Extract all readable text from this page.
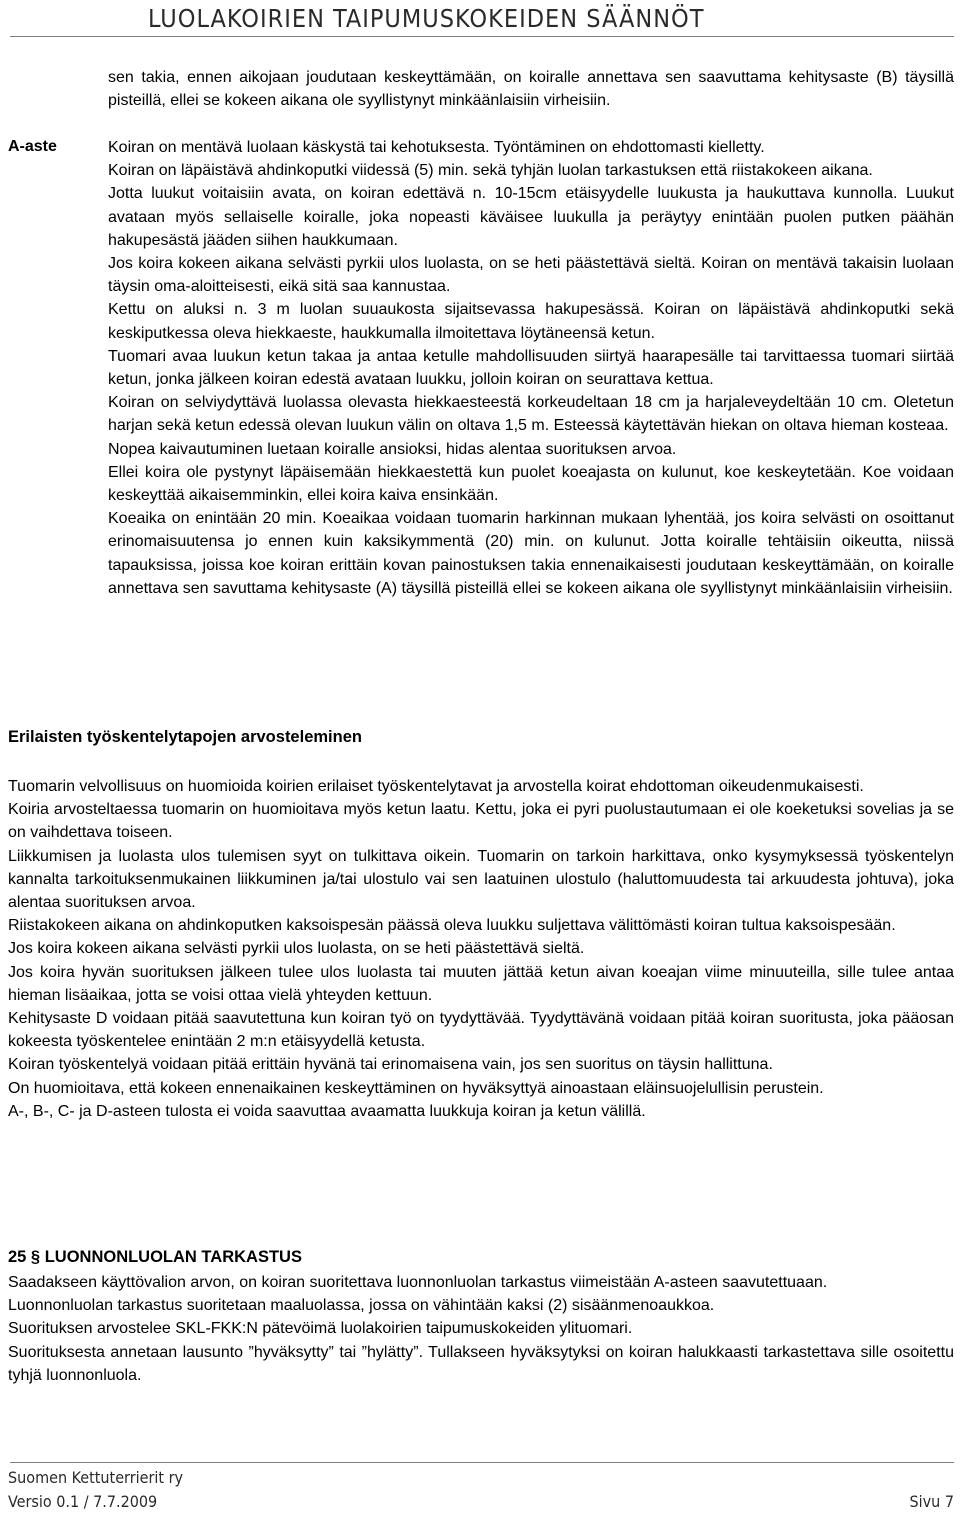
LUOLAKOIRIEN TAIPUMUSKOKEIDEN SÄÄNNÖT
sen takia, ennen aikojaan joudutaan keskeyttämään, on koiralle annettava sen saavuttama kehitysaste (B) täysillä pisteillä, ellei se kokeen aikana ole syyllistynyt minkäänlaisiin virheisiin.
A-aste	Koiran on mentävä luolaan käskystä tai kehotuksesta. Työntäminen on ehdottomasti kielletty.

Koiran on läpäistävä ahdinkoputki viidessä (5) min. sekä tyhjän luolan tarkastuksen että riistakokeen aikana.

Jotta luukut voitaisiin avata, on koiran edettävä n. 10-15cm etäisyydelle luukusta ja haukuttava kunnolla. Luukut avataan myös sellaiselle koiralle, joka nopeasti käväisee luukulla ja peräytyy enintään puolen putken päähän hakupesästä jääden siihen haukkumaan.

Jos koira kokeen aikana selvästi pyrkii ulos luolasta, on se heti päästettävä sieltä. Koiran on mentävä takaisin luolaan täysin oma-aloitteisesti, eikä sitä saa kannustaa.

Kettu on aluksi n. 3 m luolan suuaukosta sijaitsevassa hakupesässä. Koiran on läpäistävä ahdinkoputki sekä keskiputkessa oleva hiekkaeste, haukkumalla ilmoitettava löytäneensä ketun.

Tuomari avaa luukun ketun takaa ja antaa ketulle mahdollisuuden siirtyä haarapesälle tai tarvittaessa tuomari siirtää ketun, jonka jälkeen koiran edestä avataan luukku, jolloin koiran on seurattava kettua.

Koiran on selviydyttävä luolassa olevasta hiekkaesteestä korkeudeltaan 18 cm ja harjaleveydeltään 10 cm. Oletetun harjan sekä ketun edessä olevan luukun välin on oltava 1,5 m. Esteessä käytettävän hiekan on oltava hieman kosteaa.

Nopea kaivautuminen luetaan koiralle ansioksi, hidas alentaa suorituksen arvoa.

Ellei koira ole pystynyt läpäisemään hiekkaestettä kun puolet koeajasta on kulunut, koe keskeytetään. Koe voidaan keskeyttää aikaisemminkin, ellei koira kaiva ensinkään.

Koeaika on enintään 20 min. Koeaikaa voidaan tuomarin harkinnan mukaan lyhentää, jos koira selvästi on osoittanut erinomaisuutensa jo ennen kuin kaksikymmentä (20) min. on kulunut. Jotta koiralle tehtäisiin oikeutta, niissä tapauksissa, joissa koe koiran erittäin kovan painostuksen takia ennenaikaisesti joudutaan keskeyttämään, on koiralle annettava sen savuttama kehitysaste (A) täysillä pisteillä ellei se kokeen aikana ole syyllistynyt minkäänlaisiin virheisiin.

Erilaisten työskentelytapojen arvosteleminen

Tuomarin velvollisuus on huomioida koirien erilaiset työskentelytavat ja arvostella koirat ehdottoman oikeudenmukaisesti.

Koiria arvosteltaessa tuomarin on huomioitava myös ketun laatu. Kettu, joka ei pyri puolustautumaan ei ole koeketuksi sovelias ja se on vaihdettava toiseen.

Liikkumisen ja luolasta ulos tulemisen syyt on tulkittava oikein. Tuomarin on tarkoin harkittava, onko kysymyksessä työskentelyn kannalta tarkoituksenmukainen liikkuminen ja/tai ulostulo vai sen laatuinen ulostulo (haluttomuudesta tai arkuudesta johtuva), joka alentaa suorituksen arvoa.

Riistakokeen aikana on ahdinkoputken kaksoispesän päässä oleva luukku suljettava välittömästi koiran tultua kaksoispesään.

Jos koira kokeen aikana selvästi pyrkii ulos luolasta, on se heti päästettävä sieltä.

Jos koira hyvän suorituksen jälkeen tulee ulos luolasta tai muuten jättää ketun aivan koeajan viime minuuteilla, sille tulee antaa hieman lisäaikaa, jotta se voisi ottaa vielä yhteyden kettuun.

Kehitysaste D voidaan pitää saavutettuna kun koiran työ on tyydyttävää. Tyydyttävänä voidaan pitää koiran suoritusta, joka pääosan kokeesta työskentelee enintään 2 m:n etäisyydellä ketusta.

Koiran työskentelyä voidaan pitää erittäin hyvänä tai erinomaisena vain, jos sen suoritus on täysin hallittuna.

On huomioitava, että kokeen ennenaikainen keskeyttäminen on hyväksyttyä ainoastaan eläinsuojelullisin perustein.

A-, B-, C- ja D-asteen tulosta ei voida saavuttaa avaamatta luukkuja koiran ja ketun välillä.

25 § LUONNONLUOLAN TARKASTUS

Saadakseen käyttövalion arvon, on koiran suoritettava luonnonluolan tarkastus viimeistään A-asteen saavutettuaan.

Luonnonluolan tarkastus suoritetaan maaluolassa, jossa on vähintään kaksi (2) sisäänmenoaukkoa.

Suorituksen arvostelee SKL-FKK:N pätevöimä luolakoirien taipumuskokeiden ylituomari.

Suorituksesta annetaan lausunto ”hyväksytty” tai ”hylätty”. Tullakseen hyväksytyksi on koiran halukkaasti tarkastettava sille osoitettu tyhjä luonnonluola.

Suomen Kettuterrierit ry
Versio 0.1 / 7.7.2009	Sivu 7
